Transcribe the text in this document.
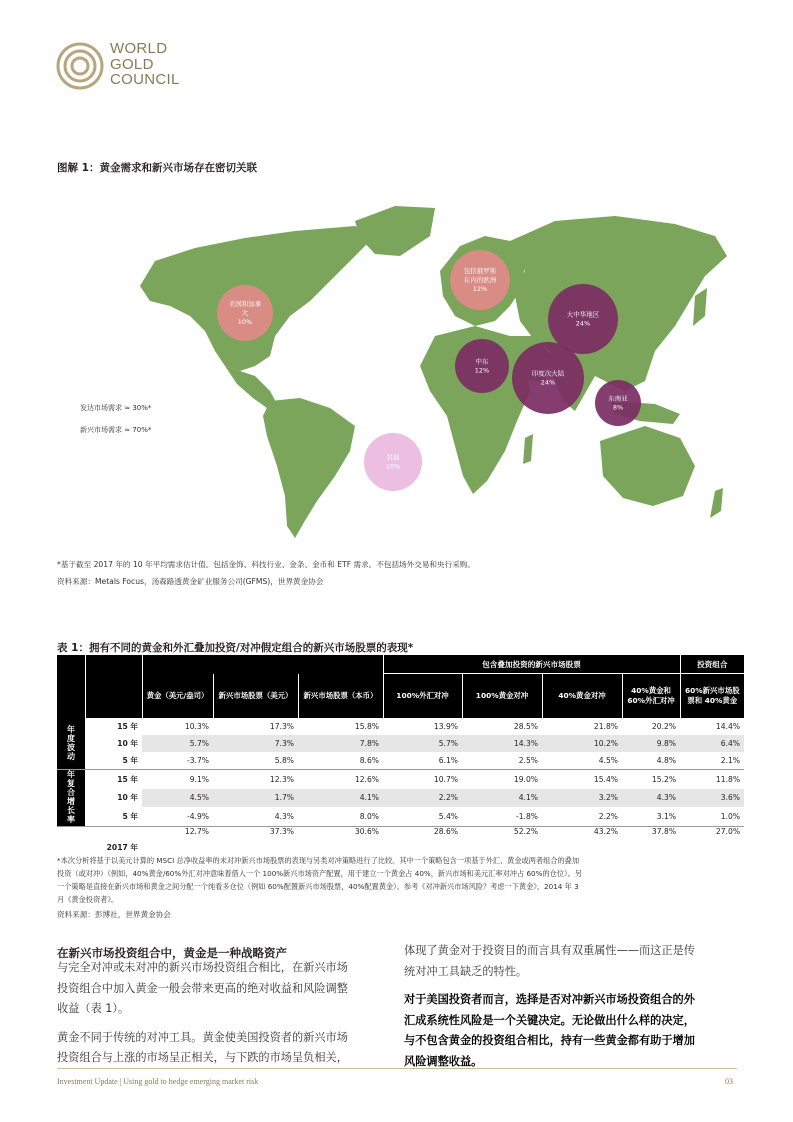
WORLD
GOLD
COUNCIL
图解 1：黄金需求和新兴市场存在密切关联
美国和加拿
大
10%
包括俄罗斯
在内的欧洲
12%
大中华地区
24%
中东
12%	印度次大陆
24%
东南亚
8%
其他
10%
发达市场需求 ≈ 30%*
新兴市场需求 ≈ 70%*
*基于截至 2017 年的 10 年平均需求估计值。包括金饰、科技行业、金条、金币和 ETF 需求。不包括场外交易和央行采购。
资料来源：Metals Focus，汤森路透黄金矿业服务公司(GFMS)，世界黄金协会
表 1：拥有不同的黄金和外汇叠加投资/对冲假定组合的新兴市场股票的表现*
					包含叠加投资的新兴市场股票				投资组合
		黄金（美元/盎司）	新兴市场股票（美元）	新兴市场股票（本币）	100%外汇对冲	100%黄金对冲	40%黄金对冲	40%黄金和 60%外汇对冲	60%新兴市场股票和 40%黄金
年度波动	15 年	10.3%	17.3%	15.8%	13.9%	28.5%	21.8%	20.2%	14.4%
	10 年	5.7%	7.3%	7.8%	5.7%	14.3%	10.2%	9.8%	6.4%
	5 年	-3.7%	5.8%	8.6%	6.1%	2.5%	4.5%	4.8%	2.1%
年复合增长率	15 年	9.1%	12.3%	12.6%	10.7%	19.0%	15.4%	15.2%	11.8%
	10 年	4.5%	1.7%	4.1%	2.2%	4.1%	3.2%	4.3%	3.6%
	5 年	-4.9%	4.3%	8.0%	5.4%	-1.8%	2.2%	3.1%	1.0%
	2017 年	12.7%	37.3%	30.6%	28.6%	52.2%	43.2%	37.8%	27.0%
*本次分析将基于以美元计算的 MSCI 总净收益率的未对冲新兴市场股票的表现与另类对冲策略进行了比较。其中一个策略包含一项基于外汇、黄金或两者组合的叠加
投资（或对冲）（例如，40%黄金/60%外汇对冲意味着借入一个 100%新兴市场资产配置，用于建立一个黄金占 40%，新兴市场和美元汇率对冲占 60%的仓位）。另
一个策略是直接在新兴市场和黄金之间分配一个纯看多仓位（例如 60%配置新兴市场股票，40%配置黄金）。参考《对冲新兴市场风险？考虑一下黄金》，2014 年 3
月《黄金投资者》。
资料来源：彭博社，世界黄金协会
在新兴市场投资组合中，黄金是一种战略资产
与完全对冲或未对冲的新兴市场投资组合相比，在新兴市场
投资组合中加入黄金一般会带来更高的绝对收益和风险调整
收益（表 1）。
黄金不同于传统的对冲工具。黄金使美国投资者的新兴市场
投资组合与上涨的市场呈正相关，与下跌的市场呈负相关，
体现了黄金对于投资目的而言具有双重属性——而这正是传
统对冲工具缺乏的特性。
对于美国投资者而言，选择是否对冲新兴市场投资组合的外
汇成系统性风险是一个关键决定。无论做出什么样的决定，
与不包含黄金的投资组合相比，持有一些黄金都有助于增加
风险调整收益。
Investment Update | Using gold to hedge emerging market risk	03
